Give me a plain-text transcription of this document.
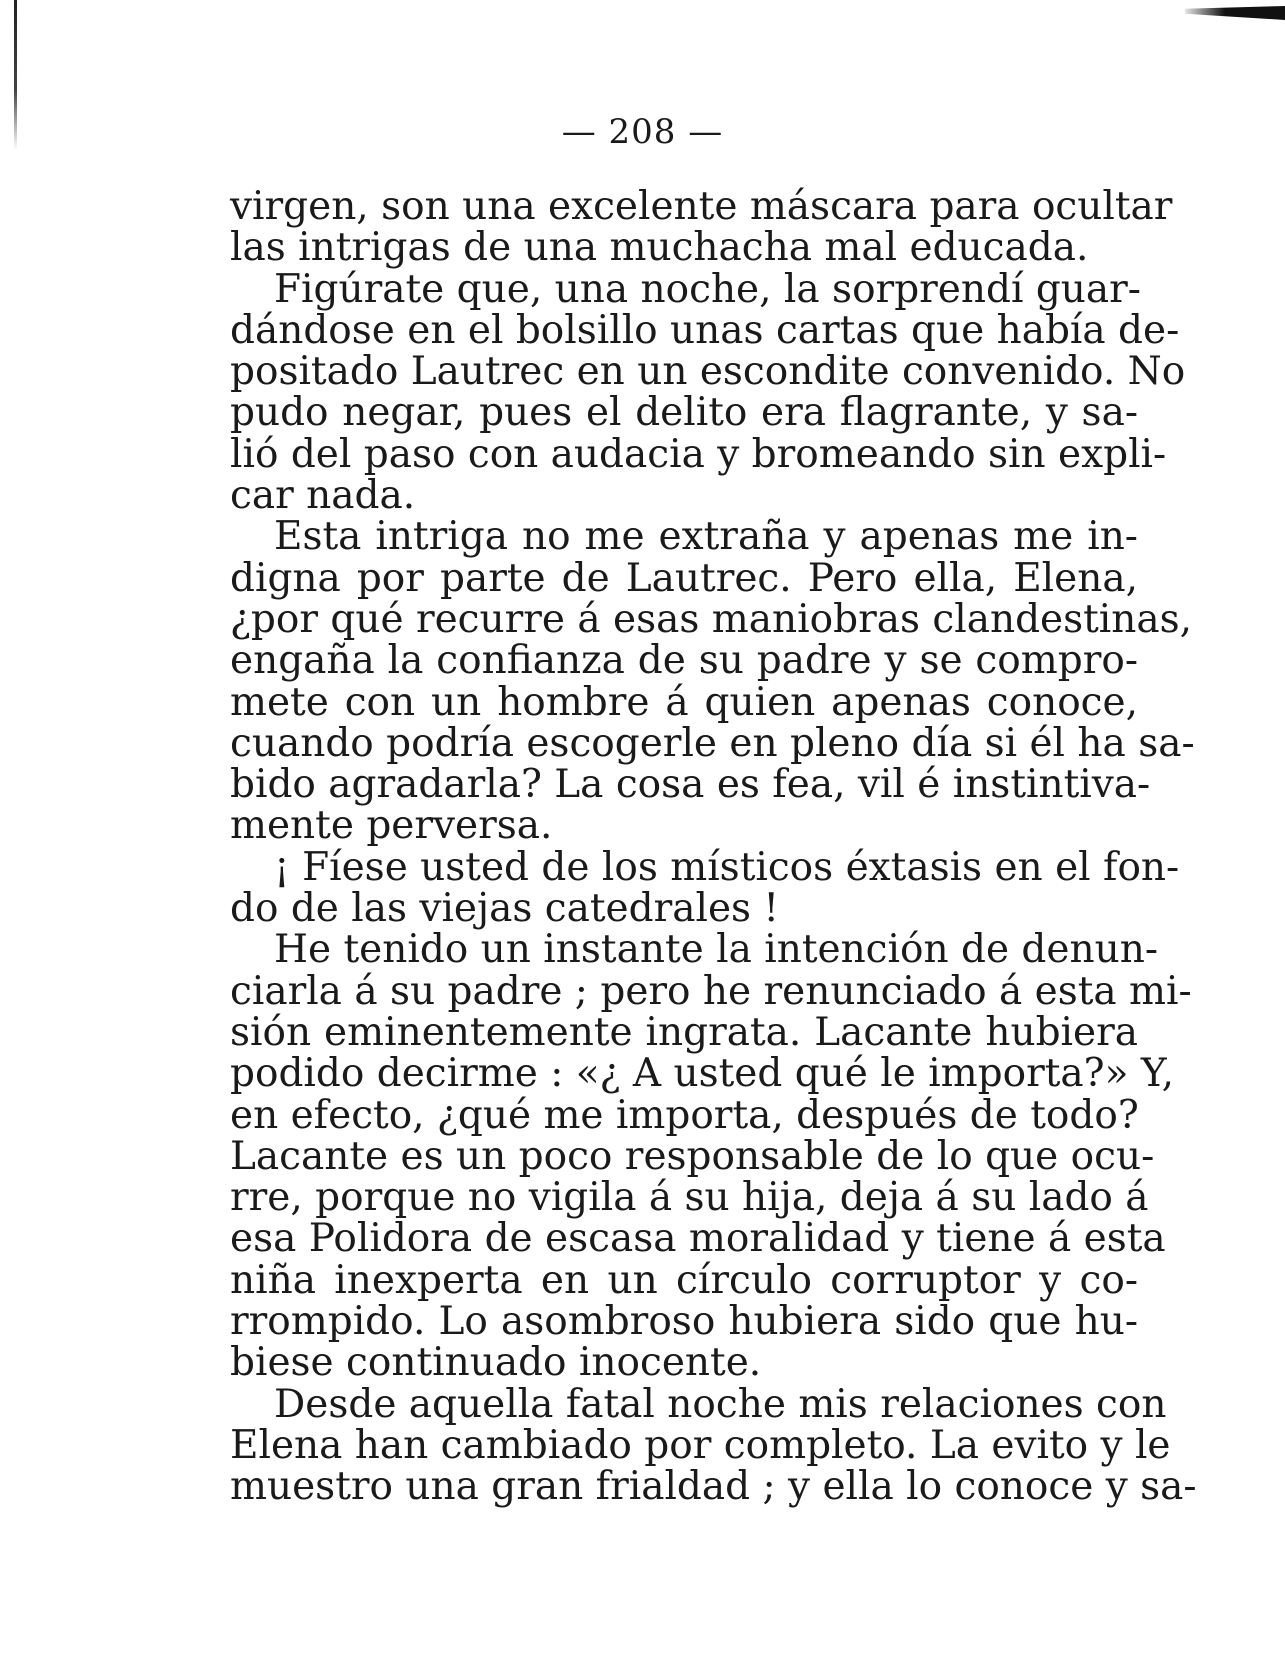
— 208 —

virgen, son una excelente máscara para ocultar

las intrigas de una muchacha mal educada.

Figúrate que, una noche, la sorprendí guar-

dándose en el bolsillo unas cartas que había de-

positado Lautrec en un escondite convenido. No

pudo negar, pues el delito era flagrante, y sa-

lió del paso con audacia y bromeando sin expli-

car nada.

Esta intriga no me extraña y apenas me in-

digna por parte de Lautrec. Pero ella, Elena,

¿por qué recurre á esas maniobras clandestinas,

engaña la confianza de su padre y se compro-

mete con un hombre á quien apenas conoce,

cuando podría escogerle en pleno día si él ha sa-

bido agradarla? La cosa es fea, vil é instintiva-

mente perversa.

¡ Fíese usted de los místicos éxtasis en el fon-

do de las viejas catedrales !

He tenido un instante la intención de denun-

ciarla á su padre ; pero he renunciado á esta mi-

sión eminentemente ingrata. Lacante hubiera

podido decirme : «¿ A usted qué le importa?» Y,

en efecto, ¿qué me importa, después de todo?

Lacante es un poco responsable de lo que ocu-

rre, porque no vigila á su hija, deja á su lado á

esa Polidora de escasa moralidad y tiene á esta

niña inexperta en un círculo corruptor y co-

rrompido. Lo asombroso hubiera sido que hu-

biese continuado inocente.

Desde aquella fatal noche mis relaciones con

Elena han cambiado por completo. La evito y le

muestro una gran frialdad ; y ella lo conoce y sa-
